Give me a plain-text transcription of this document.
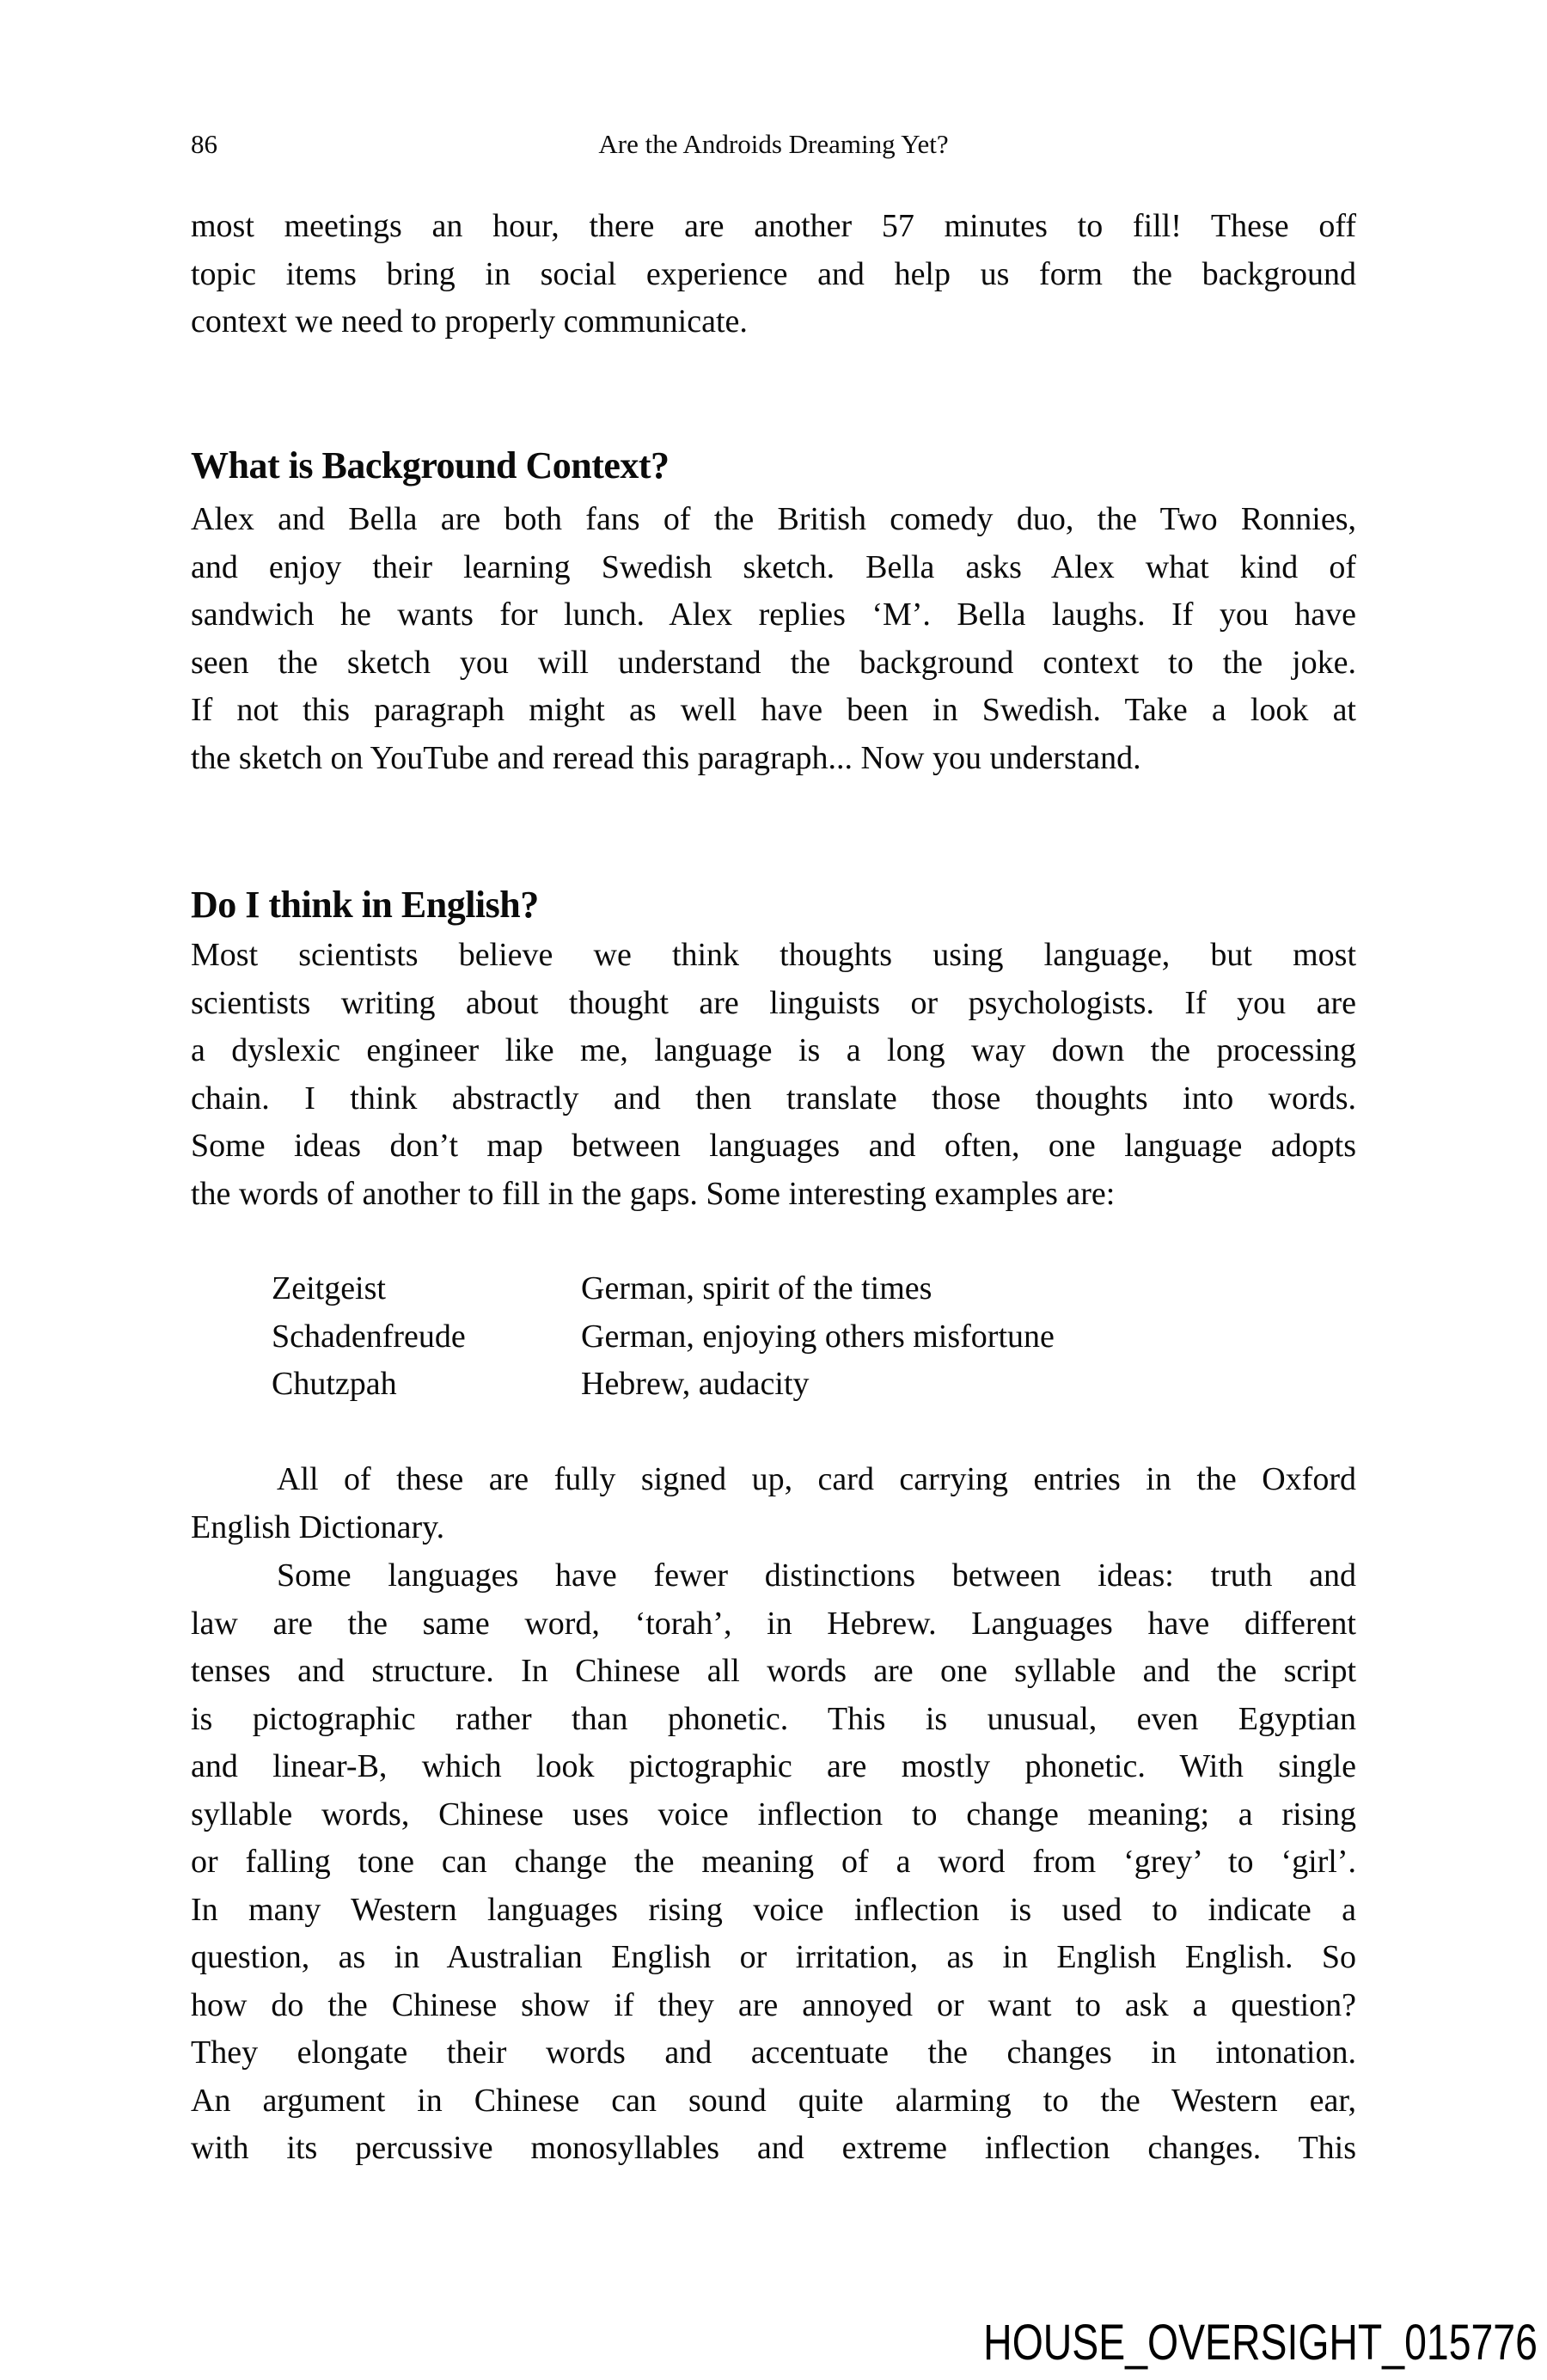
86	Are the Androids Dreaming Yet?
most meetings an hour, there are another 57 minutes to fill! These off
topic items bring in social experience and help us form the background
context we need to properly communicate.
What is Background Context?
Alex and Bella are both fans of the British comedy duo, the Two Ronnies,
and enjoy their learning Swedish sketch. Bella asks Alex what kind of
sandwich he wants for lunch. Alex replies ‘M’. Bella laughs. If you have
seen the sketch you will understand the background context to the joke.
If not this paragraph might as well have been in Swedish. Take a look at
the sketch on YouTube and reread this paragraph... Now you understand.
Do I think in English?
Most scientists believe we think thoughts using language, but most
scientists writing about thought are linguists or psychologists. If you are
a dyslexic engineer like me, language is a long way down the processing
chain. I think abstractly and then translate those thoughts into words.
Some ideas don’t map between languages and often, one language adopts
the words of another to fill in the gaps. Some interesting examples are:
Zeitgeist	German, spirit of the times
Schadenfreude	German, enjoying others misfortune
Chutzpah	Hebrew, audacity
All of these are fully signed up, card carrying entries in the Oxford
English Dictionary.
Some languages have fewer distinctions between ideas: truth and
law are the same word, ‘torah’, in Hebrew. Languages have different
tenses and structure. In Chinese all words are one syllable and the script
is pictographic rather than phonetic. This is unusual, even Egyptian
and linear-B, which look pictographic are mostly phonetic. With single
syllable words, Chinese uses voice inflection to change meaning; a rising
or falling tone can change the meaning of a word from ‘grey’ to ‘girl’.
In many Western languages rising voice inflection is used to indicate a
question, as in Australian English or irritation, as in English English. So
how do the Chinese show if they are annoyed or want to ask a question?
They elongate their words and accentuate the changes in intonation.
An argument in Chinese can sound quite alarming to the Western ear,
with its percussive monosyllables and extreme inflection changes. This
HOUSE_OVERSIGHT_015776
